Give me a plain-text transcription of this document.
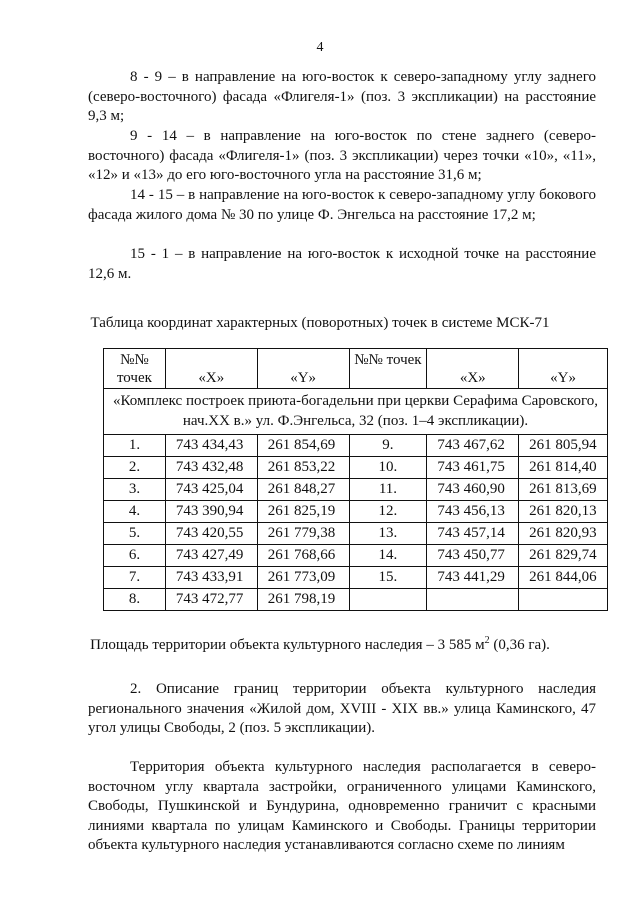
4

8 - 9 – в направление на юго-восток к северо-западному углу заднего (северо-восточного) фасада «Флигеля-1» (поз. 3 экспликации) на расстояние 9,3 м;

9 - 14 – в направление на юго-восток по стене заднего (северо-восточного) фасада «Флигеля-1» (поз. 3 экспликации) через точки «10», «11», «12» и «13» до его юго-восточного угла на расстояние 31,6 м;

14 - 15 – в направление на юго-восток к северо-западному углу бокового фасада жилого дома № 30 по улице Ф. Энгельса на расстояние 17,2 м;

15 - 1 – в направление на юго-восток к исходной точке на расстояние 12,6 м.

Таблица координат характерных (поворотных) точек в системе МСК-71
№№ точек	«X»	«Y»	№№ точек	«X»	«Y»
«Комплекс построек приюта-богадельни при церкви Серафима Саровского, нач.XX в.» ул. Ф.Энгельса, 32 (поз. 1–4 экспликации).					
1.	743 434,43	261 854,69	9.	743 467,62	261 805,94
2.	743 432,48	261 853,22	10.	743 461,75	261 814,40
3.	743 425,04	261 848,27	11.	743 460,90	261 813,69
4.	743 390,94	261 825,19	12.	743 456,13	261 820,13
5.	743 420,55	261 779,38	13.	743 457,14	261 820,93
6.	743 427,49	261 768,66	14.	743 450,77	261 829,74
7.	743 433,91	261 773,09	15.	743 441,29	261 844,06
8.	743 472,77	261 798,19			
Площадь территории объекта культурного наследия – 3 585 $м^2$ (0,36 га).

2. Описание границ территории объекта культурного наследия регионального значения «Жилой дом, XVIII - XIX вв.» улица Каминского, 47 угол улицы Свободы, 2 (поз. 5 экспликации).

Территория объекта культурного наследия располагается в северо-восточном углу квартала застройки, ограниченного улицами Каминского, Свободы, Пушкинской и Бундурина, одновременно граничит с красными линиями квартала по улицам Каминского и Свободы. Границы территории объекта культурного наследия устанавливаются согласно схеме по линиям
